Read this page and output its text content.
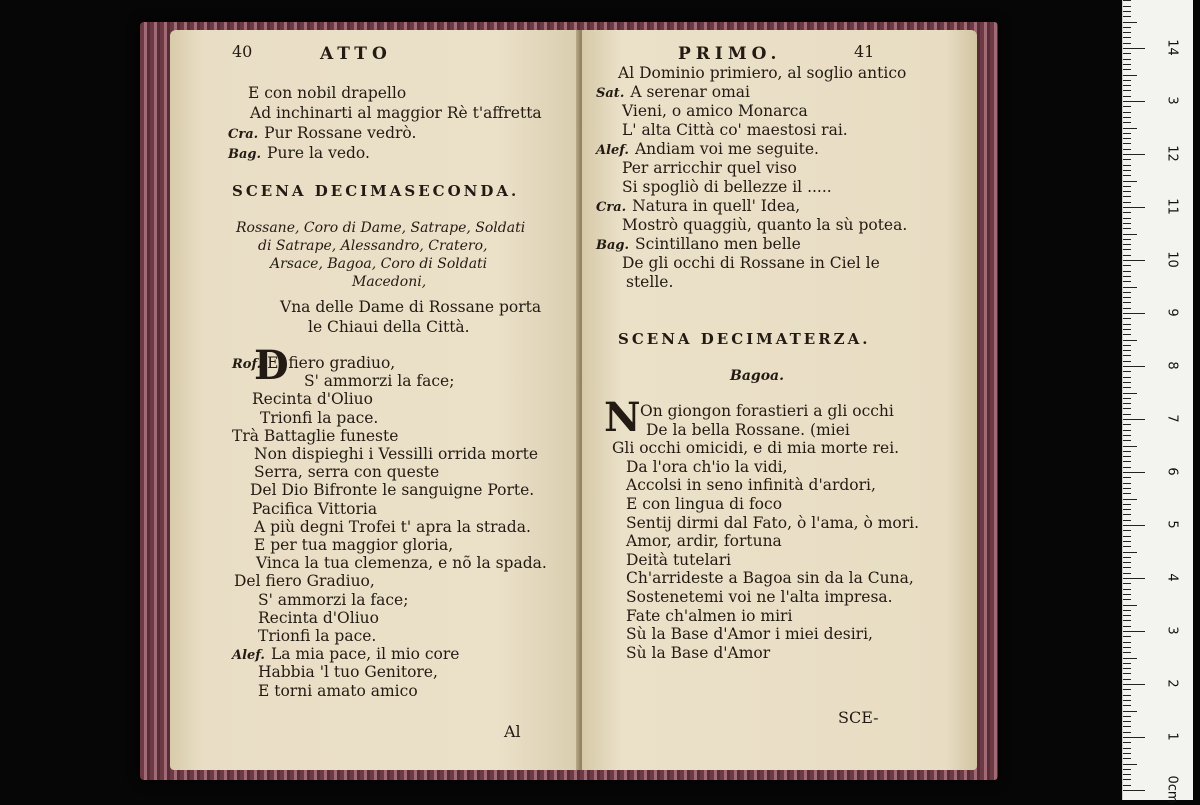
40	ATTO
E con nobil drapello
Ad inchinarti al maggior Rè t'affretta
Cra. Pur Rossane vedrò.
Bag. Pure la vedo.
SCENA DECIMASECONDA.
Rossane, Coro di Dame, Satrape, Soldati
di Satrape, Alessandro, Cratero,
Arsace, Bagoa, Coro di Soldati
Macedoni,
Vna delle Dame di Rossane porta
le Chiaui della Città.
D
Rof. El fiero gradiuo,
S' ammorzi la face;
Recinta d'Oliuo
Trionfi la pace.
Trà Battaglie funeste
Non dispieghi i Vessilli orrida morte
Serra, serra con queste
Del Dio Bifronte le sanguigne Porte.
Pacifica Vittoria
A più degni Trofei t' apra la strada.
E per tua maggior gloria,
Vinca la tua clemenza, e nõ la spada.
Del fiero Gradiuo,
S' ammorzi la face;
Recinta d'Oliuo
Trionfi la pace.
Alef. La mia pace, il mio core
Habbia 'l tuo Genitore,
E torni amato amico
Al
PRIMO.	41
Al Dominio primiero, al soglio antico
Sat. A serenar omai
Vieni, o amico Monarca
L' alta Città co' maestosi rai.
Alef. Andiam voi me seguite.
Per arricchir quel viso
Si spogliò di bellezze il .....
Cra. Natura in quell' Idea,
Mostrò quaggiù, quanto la sù potea.
Bag. Scintillano men belle
De gli occhi di Rossane in Ciel le
stelle.
SCENA DECIMATERZA.
Bagoa.
N On giongon forastieri a gli occhi
De la bella Rossane. (miei
Gli occhi omicidi, e di mia morte rei.
Da l'ora ch'io la vidi,
Accolsi in seno infinità d'ardori,
E con lingua di foco
Sentij dirmi dal Fato, ò l'ama, ò mori.
Amor, ardir, fortuna
Deità tutelari
Ch'arrideste a Bagoa sin da la Cuna,
Sostenetemi voi ne l'alta impresa.
Fate ch'almen io miri
Sù la Base d'Amor i miei desiri,
Sù la Base d'Amor
SCE-
14
3
12
11
10
9
8
7
6
5
4
3
2
1
0cm
